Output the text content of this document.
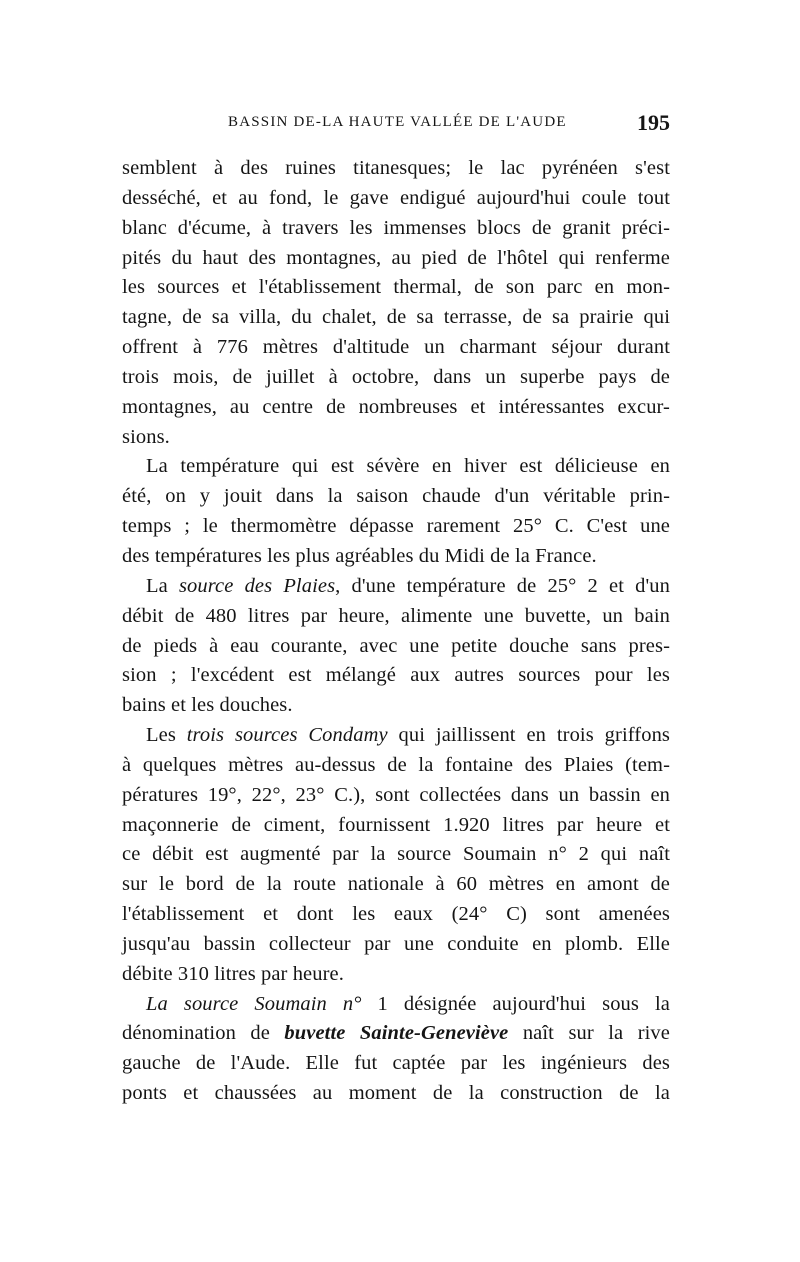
BASSIN DE-LA HAUTE VALLÉE DE L'AUDE	195
semblent à des ruines titanesques; le lac pyrénéen s'est
desséché, et au fond, le gave endigué aujourd'hui coule tout
blanc d'écume, à travers les immenses blocs de granit préci-
pités du haut des montagnes, au pied de l'hôtel qui renferme
les sources et l'établissement thermal, de son parc en mon-
tagne, de sa villa, du chalet, de sa terrasse, de sa prairie qui
offrent à 776 mètres d'altitude un charmant séjour durant
trois mois, de juillet à octobre, dans un superbe pays de
montagnes, au centre de nombreuses et intéressantes excur-
sions.
La température qui est sévère en hiver est délicieuse en
été, on y jouit dans la saison chaude d'un véritable prin-
temps ; le thermomètre dépasse rarement 25° C. C'est une
des températures les plus agréables du Midi de la France.
La source des Plaies, d'une température de 25° 2 et d'un
débit de 480 litres par heure, alimente une buvette, un bain
de pieds à eau courante, avec une petite douche sans pres-
sion ; l'excédent est mélangé aux autres sources pour les
bains et les douches.
Les trois sources Condamy qui jaillissent en trois griffons
à quelques mètres au-dessus de la fontaine des Plaies (tem-
pératures 19°, 22°, 23° C.), sont collectées dans un bassin en
maçonnerie de ciment, fournissent 1.920 litres par heure et
ce débit est augmenté par la source Soumain n° 2 qui naît
sur le bord de la route nationale à 60 mètres en amont de
l'établissement et dont les eaux (24° C) sont amenées
jusqu'au bassin collecteur par une conduite en plomb. Elle
débite 310 litres par heure.
La source Soumain n° 1 désignée aujourd'hui sous la
dénomination de buvette Sainte-Geneviève naît sur la rive
gauche de l'Aude. Elle fut captée par les ingénieurs des
ponts et chaussées au moment de la construction de la
